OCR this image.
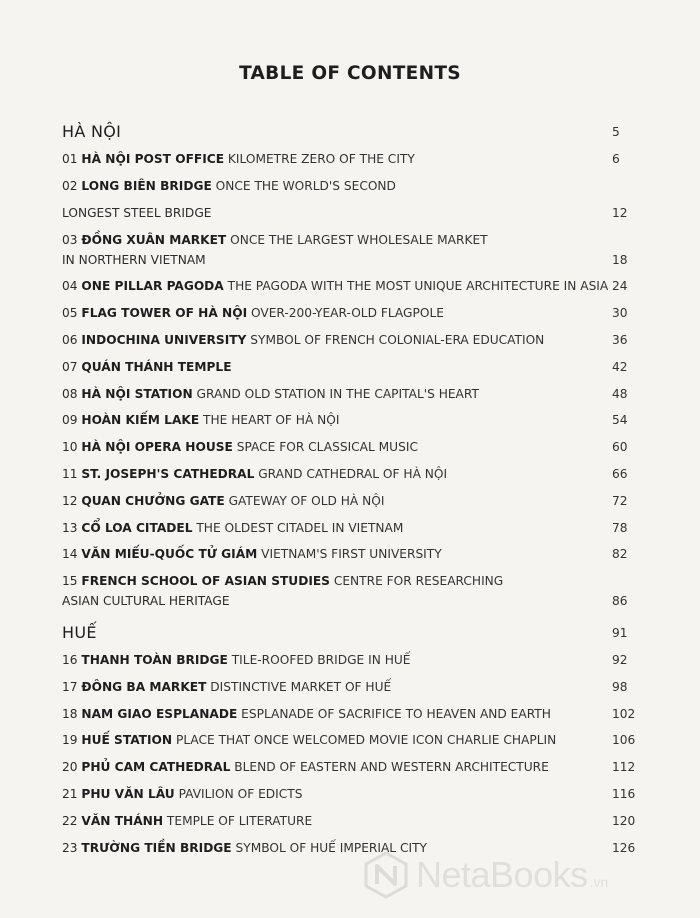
TABLE OF CONTENTS
HÀ NỘI	5
01 HÀ NỘI POST OFFICE KILOMETRE ZERO OF THE CITY	6
02 LONG BIÊN BRIDGE ONCE THE WORLD'S SECOND
LONGEST STEEL BRIDGE	12
03 ĐỒNG XUÂN MARKET ONCE THE LARGEST WHOLESALE MARKET
IN NORTHERN VIETNAM	18
04 ONE PILLAR PAGODA THE PAGODA WITH THE MOST UNIQUE ARCHITECTURE IN ASIA 24
05 FLAG TOWER OF HÀ NỘI OVER-200-YEAR-OLD FLAGPOLE	30
06 INDOCHINA UNIVERSITY SYMBOL OF FRENCH COLONIAL-ERA EDUCATION	36
07 QUÁN THÁNH TEMPLE	42
08 HÀ NỘI STATION GRAND OLD STATION IN THE CAPITAL'S HEART	48
09 HOÀN KIẾM LAKE THE HEART OF HÀ NỘI	54
10 HÀ NỘI OPERA HOUSE SPACE FOR CLASSICAL MUSIC	60
11 ST. JOSEPH'S CATHEDRAL GRAND CATHEDRAL OF HÀ NỘI	66
12 QUAN CHƯỞNG GATE GATEWAY OF OLD HÀ NỘI	72
13 CỔ LOA CITADEL THE OLDEST CITADEL IN VIETNAM	78
14 VĂN MIẾU-QUỐC TỬ GIÁM VIETNAM'S FIRST UNIVERSITY	82
15 FRENCH SCHOOL OF ASIAN STUDIES CENTRE FOR RESEARCHING
ASIAN CULTURAL HERITAGE	86
HUẾ	91
16 THANH TOÀN BRIDGE TILE-ROOFED BRIDGE IN HUẾ	92
17 ĐÔNG BA MARKET DISTINCTIVE MARKET OF HUẾ	98
18 NAM GIAO ESPLANADE ESPLANADE OF SACRIFICE TO HEAVEN AND EARTH	102
19 HUẾ STATION PLACE THAT ONCE WELCOMED MOVIE ICON CHARLIE CHAPLIN	106
20 PHỦ CAM CATHEDRAL BLEND OF EASTERN AND WESTERN ARCHITECTURE	112
21 PHU VĂN LÂU PAVILION OF EDICTS	116
22 VĂN THÁNH TEMPLE OF LITERATURE	120
23 TRƯỜNG TIỀN BRIDGE SYMBOL OF HUẾ IMPERIAL CITY	126
NetaBooks .vn
